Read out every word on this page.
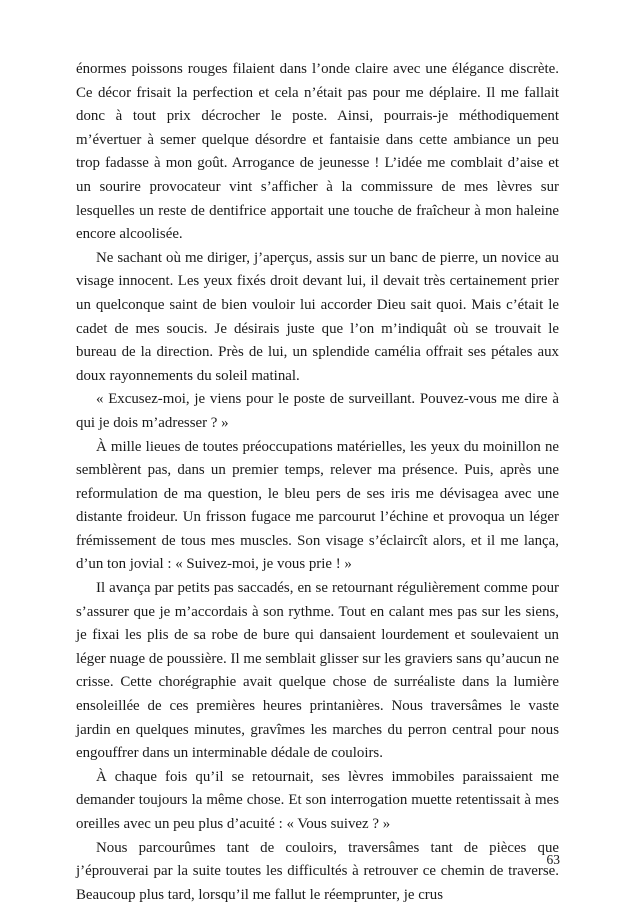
énormes poissons rouges filaient dans l’onde claire avec une élégance discrète. Ce décor frisait la perfection et cela n’était pas pour me déplaire. Il me fallait donc à tout prix décrocher le poste. Ainsi, pourrais-je méthodiquement m’évertuer à semer quelque désordre et fantaisie dans cette ambiance un peu trop fadasse à mon goût. Arrogance de jeunesse ! L’idée me comblait d’aise et un sourire provocateur vint s’afficher à la commissure de mes lèvres sur lesquelles un reste de dentifrice apportait une touche de fraîcheur à mon haleine encore alcoolisée.

Ne sachant où me diriger, j’aperçus, assis sur un banc de pierre, un novice au visage innocent. Les yeux fixés droit devant lui, il devait très certainement prier un quelconque saint de bien vouloir lui accorder Dieu sait quoi. Mais c’était le cadet de mes soucis. Je désirais juste que l’on m’indiquât où se trouvait le bureau de la direction. Près de lui, un splendide camélia offrait ses pétales aux doux rayonnements du soleil matinal.

« Excusez-moi, je viens pour le poste de surveillant. Pouvez-vous me dire à qui je dois m’adresser ? »

À mille lieues de toutes préoccupations matérielles, les yeux du moinillon ne semblèrent pas, dans un premier temps, relever ma présence. Puis, après une reformulation de ma question, le bleu pers de ses iris me dévisagea avec une distante froideur. Un frisson fugace me parcourut l’échine et provoqua un léger frémissement de tous mes muscles. Son visage s’éclaircît alors, et il me lança, d’un ton jovial : « Suivez-moi, je vous prie ! »

Il avança par petits pas saccadés, en se retournant régulièrement comme pour s’assurer que je m’accordais à son rythme. Tout en calant mes pas sur les siens, je fixai les plis de sa robe de bure qui dansaient lourdement et soulevaient un léger nuage de poussière. Il me semblait glisser sur les graviers sans qu’aucun ne crisse. Cette chorégraphie avait quelque chose de surréaliste dans la lumière ensoleillée de ces premières heures printanières. Nous traversâmes le vaste jardin en quelques minutes, gravîmes les marches du perron central pour nous engouffrer dans un interminable dédale de couloirs.

À chaque fois qu’il se retournait, ses lèvres immobiles paraissaient me demander toujours la même chose. Et son interrogation muette retentissait à mes oreilles avec un peu plus d’acuité : « Vous suivez ? »

Nous parcourûmes tant de couloirs, traversâmes tant de pièces que j’éprouverai par la suite toutes les difficultés à retrouver ce chemin de traverse. Beaucoup plus tard, lorsqu’il me fallut le réemprunter, je crus

63
